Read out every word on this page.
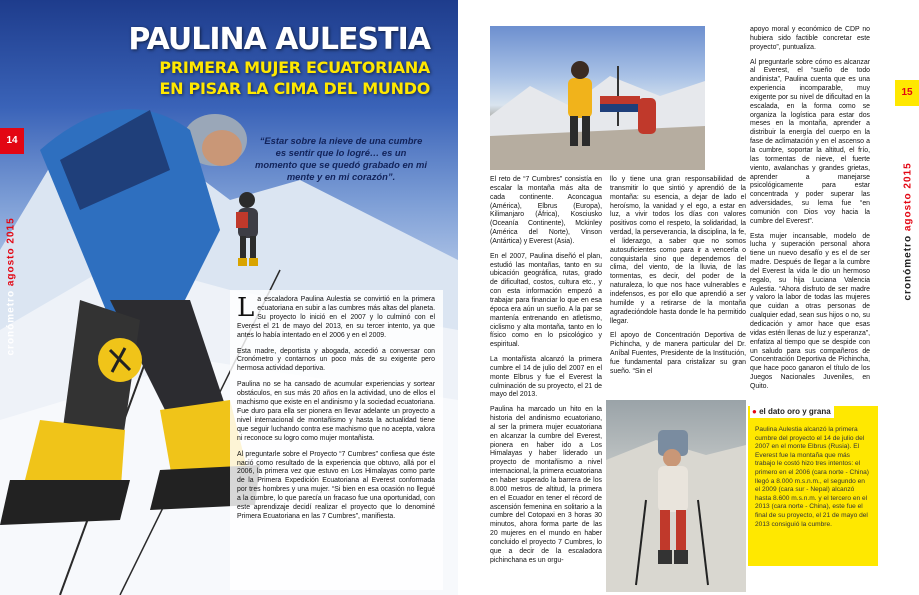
14
cronómetro agosto 2015
PAULINA AULESTIA
PRIMERA MUJER ECUATORIANA
EN PISAR LA CIMA DEL MUNDO
“Estar sobre la nieve de una cumbre es sentir que lo logré… es un momento que se quedó grabado en mi mente y en mi corazón”.

La escaladora Paulina Aulestia se convirtió en la primera ecuatoriana en subir a las cumbres más altas del planeta. Su proyecto lo inició en el 2007 y lo culminó con el Everest el 21 de mayo del 2013, en su tercer intento, ya que antes lo había intentado en el 2006 y en el 2009.

Esta madre, deportista y abogada, accedió a conversar con Cronómetro y contarnos un poco más de su exigente pero hermosa actividad deportiva.

Paulina no se ha cansado de acumular experiencias y sortear obstáculos, en sus más 20 años en la actividad, uno de ellos el machismo que existe en el andinismo y la sociedad ecuatoriana. Fue duro para ella ser pionera en llevar adelante un proyecto a nivel internacional de montañismo y hasta la actualidad tiene que seguir luchando contra ese machismo que no acepta, valora ni reconoce su logro como mujer montañista.

Al preguntarle sobre el Proyecto “7 Cumbres” confiesa que éste nació como resultado de la experiencia que obtuvo, allá por el 2006, la primera vez que estuvo en Los Himalayas como parte de la Primera Expedición Ecuatoriana al Everest conformada por tres hombres y una mujer. “Si bien en esa ocasión no llegué a la cumbre, lo que parecía un fracaso fue una oportunidad, con este aprendizaje decidí realizar el proyecto que lo denominé Primera Ecuatoriana en las 7 Cumbres”, manifiesta.

El reto de “7 Cumbres” consistía en escalar la montaña más alta de cada continente. Aconcagua (América), Elbrus (Europa), Kilimanjaro (África), Kosciusko (Oceanía Continente), Mckinley (América del Norte), Vinson (Antártica) y Everest (Asia).

En el 2007, Paulina diseñó el plan, estudió las montañas, tanto en su ubicación geográfica, rutas, grado de dificultad, costos, cultura etc., y con esta información empezó a trabajar para financiar lo que en esa época era aún un sueño. A la par se mantenía entrenando en atletismo, ciclismo y alta montaña, tanto en lo físico como en lo psicológico y espiritual.

La montañista alcanzó la primera cumbre el 14 de julio del 2007 en el monte Elbrus y fue el Everest la culminación de su proyecto, el 21 de mayo del 2013.

Paulina ha marcado un hito en la historia del andinismo ecuatoriano, al ser la primera mujer ecuatoriana en alcanzar la cumbre del Everest, pionera en haber ido a Los Himalayas y haber liderado un proyecto de montañismo a nivel internacional, la primera ecuatoriana en haber superado la barrera de los 8.000 metros de altitud, la primera en el Ecuador en tener el récord de ascensión femenina en solitario a la cumbre del Cotopaxi en 3 horas 30 minutos, ahora forma parte de las 20 mujeres en el mundo en haber concluido el proyecto 7 Cumbres, lo que a decir de la escaladora pichinchana es un orgu-

llo y tiene una gran responsabilidad de transmitir lo que sintió y aprendió de la montaña: su esencia, a dejar de lado el heroísmo, la vanidad y el ego, a estar en luz, a vivir todos los días con valores positivos como el respeto, la solidaridad, la verdad, la perseverancia, la disciplina, la fe, el liderazgo, a saber que no somos autosuficientes como para ir a vencerla o conquistarla sino que dependemos del clima, del viento, de la lluvia, de las tormentas, es decir, del poder de la naturaleza, lo que nos hace vulnerables e indefensos, es por ello que aprendió a ser humilde y a retirarse de la montaña agradecióndole hasta donde le ha permitido llegar.

El apoyo de Concentración Deportiva de Pichincha, y de manera particular del Dr. Aníbal Fuentes, Presidente de la Institución, fue fundamental para cristalizar su gran sueño. “Sin el

apoyo moral y económico de CDP no hubiera sido factible concretar este proyecto”, puntualiza.

Al preguntarle sobre cómo es alcanzar al Everest, el “sueño de todo andinista”, Paulina cuenta que es una experiencia incomparable, muy exigente por su nivel de dificultad en la escalada, en la forma como se organiza la logística para estar dos meses en la montaña, aprender a distribuir la energía del cuerpo en la fase de aclimatación y en el ascenso a la cumbre, soportar la altitud, el frío, las tormentas de nieve, el fuerte viento, avalanchas y grandes grietas, aprender a manejarse psicológicamente para estar concentrada y poder superar las adversidades, su lema fue “en comunión con Dios voy hacia la cumbre del Everest”.

Esta mujer incansable, modelo de lucha y superación personal ahora tiene un nuevo desafío y es el de ser madre. Después de llegar a la cumbre del Everest la vida le dio un hermoso regalo, su hija Luciana Valencia Aulestia. “Ahora disfruto de ser madre y valoro la labor de todas las mujeres que cuidan a otras personas de cualquier edad, sean sus hijos o no, su dedicación y amor hace que esas vidas estén llenas de luz y esperanza”, enfatiza al tiempo que se despide con un saludo para sus compañeros de Concentración Deportiva de Pichincha, que hace poco ganaron el título de los Juegos Nacionales Juveniles, en Quito.

Paulina Aulestia alcanzó la primera cumbre del proyecto el 14 de julio del 2007 en el monte Elbrus (Rusia). El Everest fue la montaña que más trabajo le costó hizo tres intentos: el primero en el 2006 (cara norte - China) llegó a 8.000 m.s.n.m., el segundo en el 2009 (cara sur - Nepal) alcanzó hasta 8.600 m.s.n.m. y el tercero en el 2013 (cara norte - China), este fue el final de su proyecto, el 21 de mayo del 2013 consiguió la cumbre.
● el dato oro y grana
15
cronómetro agosto 2015
